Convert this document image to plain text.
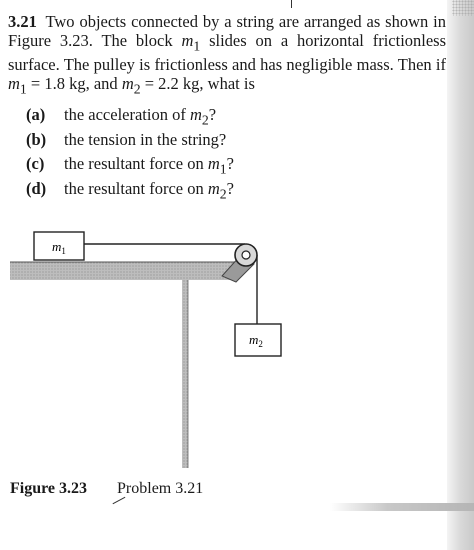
3.21 Two objects connected by a string are arranged as shown in Figure 3.23. The block $m_1$ slides on a horizontal frictionless surface. The pulley is frictionless and has negligible mass. Then if $m_1 = 1.8$ kg, and $m_2 = 2.2$ kg, what is
(a) the acceleration of $m_2$?
(b) the tension in the string?
(c) the resultant force on $m_1$?
(d) the resultant force on $m_2$?
$m_1$
$m_2$
Figure 3.23 Problem 3.21
